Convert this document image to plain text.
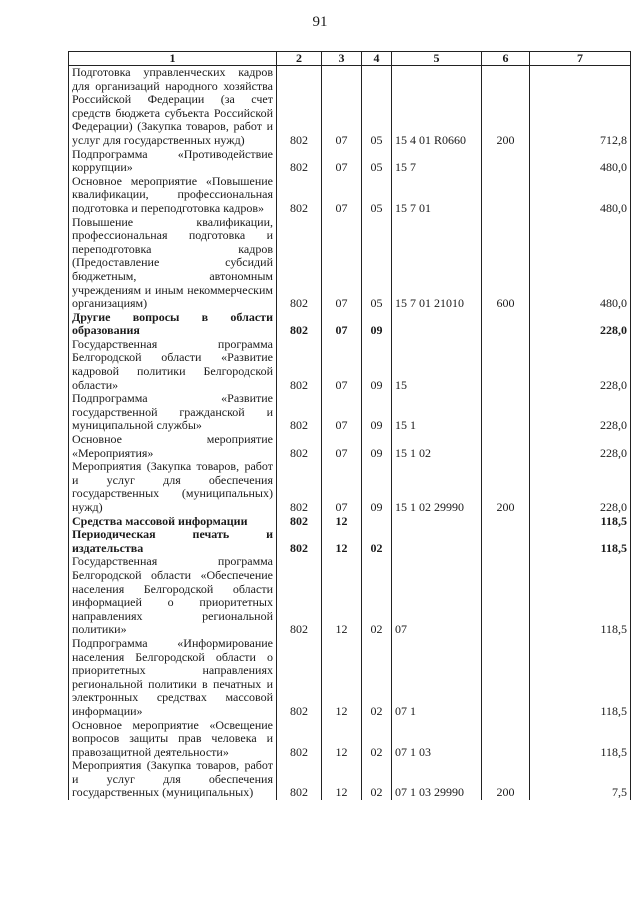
91
1	2	3	4	5	6	7
Подготовка управленческих кадров для организаций народного хозяйства Российской Федерации (за счет средств бюджета субъекта Российской Федерации) (Закупка товаров, работ и услуг для государственных нужд)	802	07	05	15 4 01 R0660	200	712,8
Подпрограмма «Противодействие коррупции»	802	07	05	15 7		480,0
Основное мероприятие «Повышение квалификации, профессиональная подготовка и переподготовка кадров»	802	07	05	15 7 01		480,0
Повышение квалификации, профессиональная подготовка и переподготовка кадров (Предоставление субсидий бюджетным, автономным учреждениям и иным некоммерческим организациям)	802	07	05	15 7 01 21010	600	480,0
Другие вопросы в области образования	802	07	09			228,0
Государственная программа Белгородской области «Развитие кадровой политики Белгородской области»	802	07	09	15		228,0
Подпрограмма «Развитие государственной гражданской и муниципальной службы»	802	07	09	15 1		228,0
Основное мероприятие «Мероприятия»	802	07	09	15 1 02		228,0
Мероприятия (Закупка товаров, работ и услуг для обеспечения государственных (муниципальных) нужд)	802	07	09	15 1 02 29990	200	228,0
Средства массовой информации	802	12				118,5
Периодическая печать и издательства	802	12	02			118,5
Государственная программа Белгородской области «Обеспечение населения Белгородской области информацией о приоритетных направлениях региональной политики»	802	12	02	07		118,5
Подпрограмма «Информирование населения Белгородской области о приоритетных направлениях региональной политики в печатных и электронных средствах массовой информации»	802	12	02	07 1		118,5
Основное мероприятие «Освещение вопросов защиты прав человека и правозащитной деятельности»	802	12	02	07 1 03		118,5
Мероприятия (Закупка товаров, работ и услуг для обеспечения государственных (муниципальных)	802	12	02	07 1 03 29990	200	7,5
